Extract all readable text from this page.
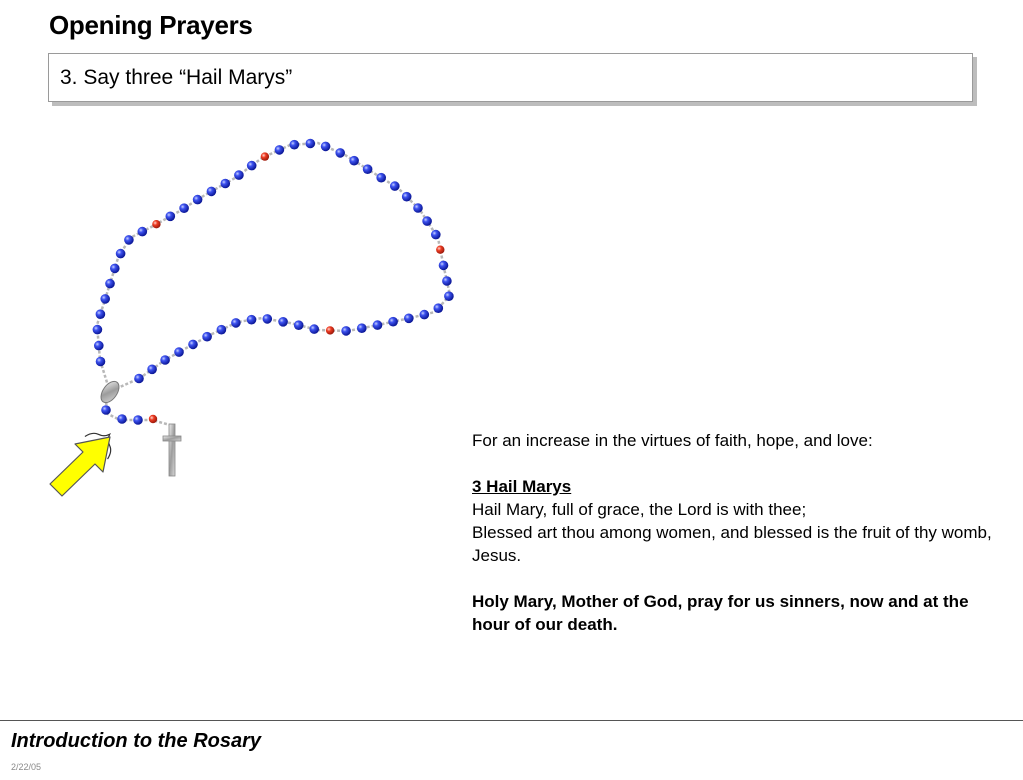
Opening Prayers
3. Say three “Hail Marys”

For an increase in the virtues of faith, hope, and love:

3 Hail Marys

Hail Mary, full of grace, the Lord is with thee;

Blessed art thou among women, and blessed is the fruit of thy womb, Jesus.

Holy Mary, Mother of God, pray for us sinners, now and at the hour of our death.

Introduction to the Rosary
2/22/05
